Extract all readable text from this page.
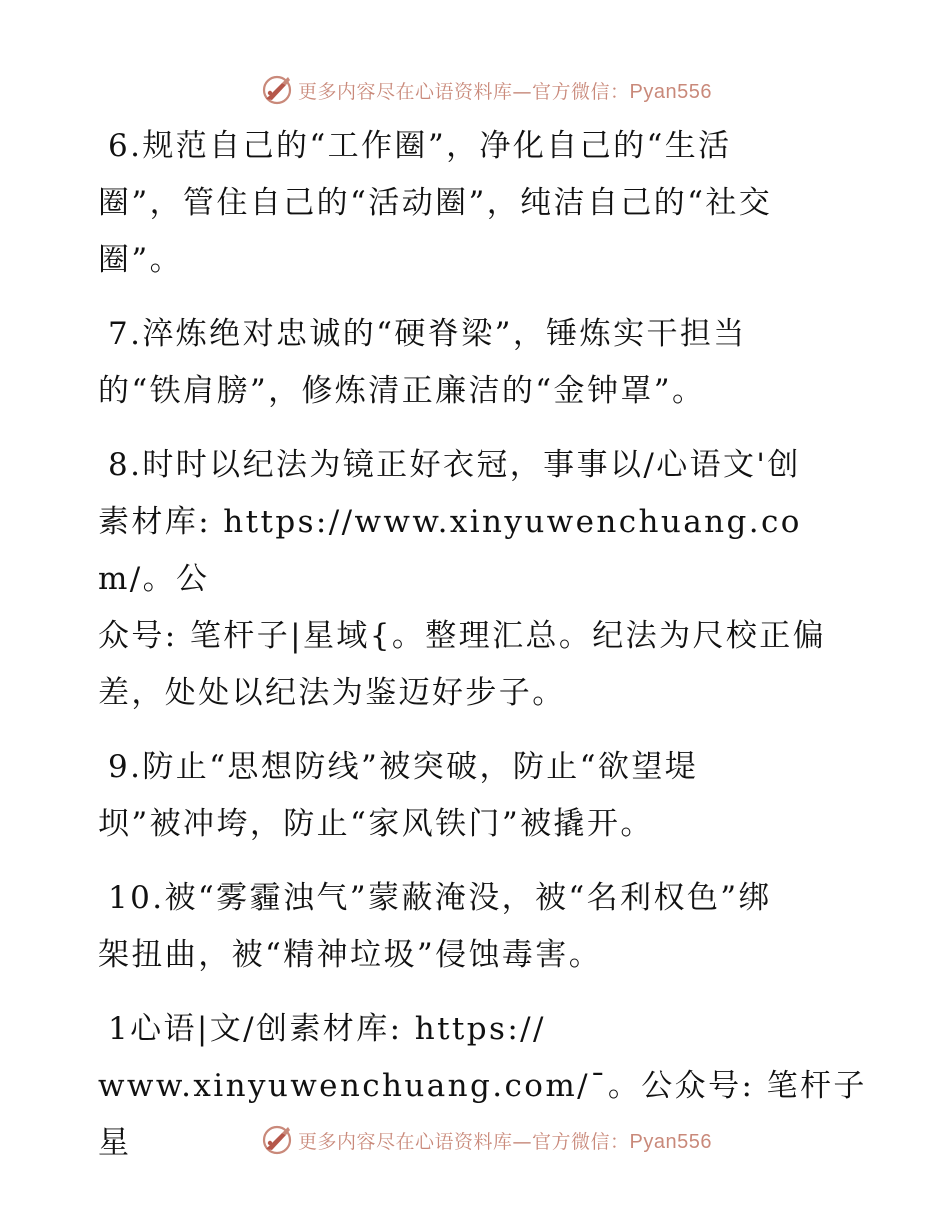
更多内容尽在心语资料库—官方微信：Pyan556

6.规范自己的“工作圈”，净化自己的“生活
圈”，管住自己的“活动圈”，纯洁自己的“社交
圈”。

7.淬炼绝对忠诚的“硬脊梁”，锤炼实干担当
的“铁肩膀”，修炼清正廉洁的“金钟罩”。

8.时时以纪法为镜正好衣冠，事事以/心语文'创
素材库: https://www.xinyuwenchuang.com/。公
众号: 笔杆子|星域{。整理汇总。纪法为尺校正偏
差，处处以纪法为鉴迈好步子。

9.防止“思想防线”被突破，防止“欲望堤
坝”被冲垮，防止“家风铁门”被撬开。

10.被“雾霾浊气”蒙蔽淹没，被“名利权色”绑
架扭曲，被“精神垃圾”侵蚀毒害。

1心语|文/创素材库: https://
www.xinyuwenchuang.com/¯。公众号: 笔杆子星	更多内容尽在心语资料库—官方微信：Pyan556
